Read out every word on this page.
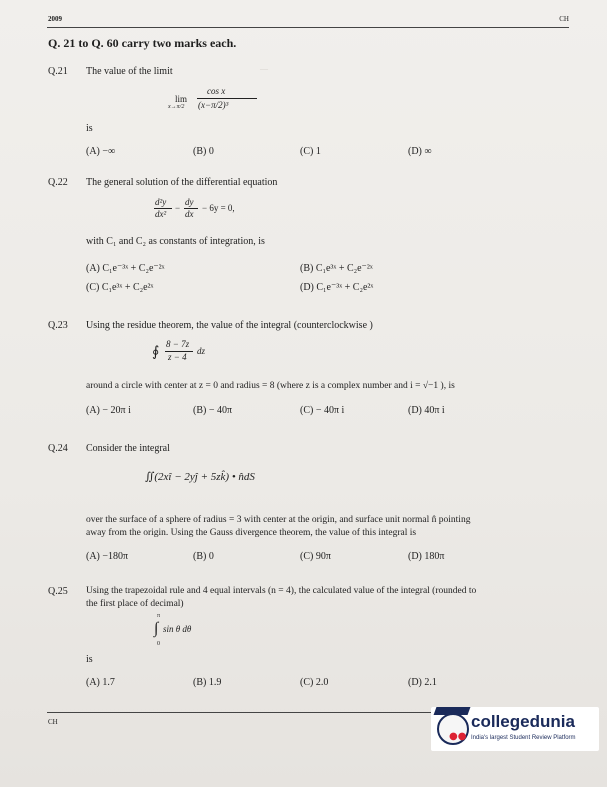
—
2009	CH
Q. 21 to Q. 60 carry two marks each.
Q.21 The value of the limit
cos x
lim
x→π/2 (x−π/2)³
is
(A) −∞	(B) 0	(C) 1	(D) ∞
Q.22 The general solution of the differential equation
d²y
dx²
−
dy
dx
− 6y = 0,
with C₁ and C₂ as constants of integration, is
(A) C₁e⁻³ˣ + C₂e⁻²ˣ	(B) C₁e³ˣ + C₂e⁻²ˣ
(C) C₁e³ˣ + C₂e²ˣ	(D) C₁e⁻³ˣ + C₂e²ˣ
Q.23 Using the residue theorem, the value of the integral (counterclockwise )
∮
8 − 7z
z − 4
dz
around a circle with center at z = 0 and radius = 8 (where z is a complex number and i = √−1 ), is
(A) − 20π i	(B) − 40π	(C) − 40π i	(D) 40π i
Q.24 Consider the integral
∬(2xî − 2yĵ + 5zk̂) • n̂dS
over the surface of a sphere of radius = 3 with center at the origin, and surface unit normal n̂ pointing
away from the origin. Using the Gauss divergence theorem, the value of this integral is
(A) −180π	(B) 0	(C) 90π	(D) 180π
Q.25 Using the trapezoidal rule and 4 equal intervals (n = 4), the calculated value of the integral (rounded to
the first place of decimal)
π
∫ sin θ dθ
0
is
(A) 1.7	(B) 1.9	(C) 2.0	(D) 2.1
CH
●●
collegedunia
India's largest Student Review Platform
